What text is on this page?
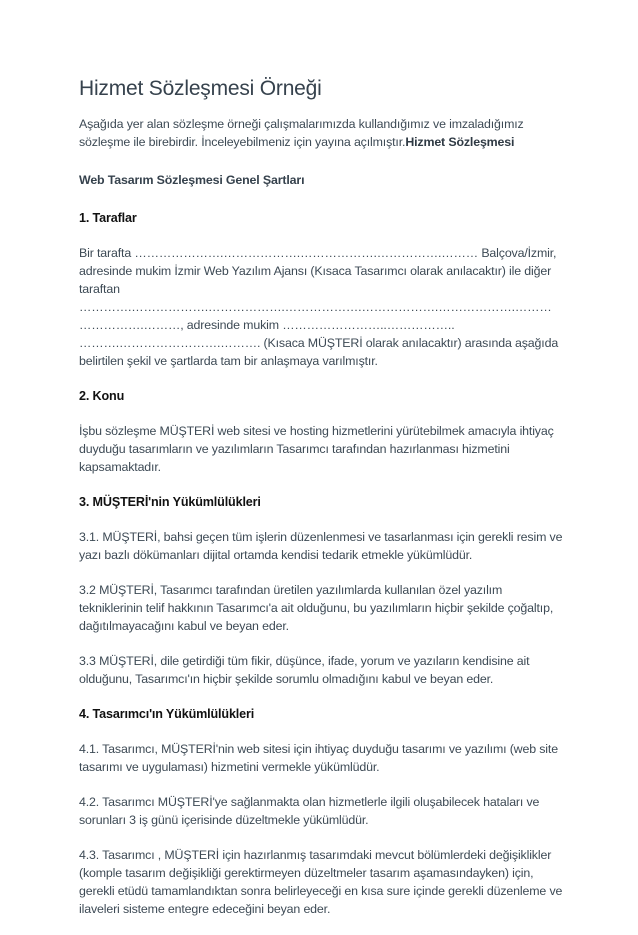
Hizmet Sözleşmesi Örneği

Aşağıda yer alan sözleşme örneği çalışmalarımızda kullandığımız ve imzaladığımız sözleşme ile birebirdir. İnceleyebilmeniz için yayına açılmıştır.Hizmet Sözleşmesi

Web Tasarım Sözleşmesi Genel Şartları
1. Taraflar

Bir tarafta ………………….……………….……………….…………….……… Balçova/İzmir, adresinde mukim İzmir Web Yazılım Ajansı (Kısaca Tasarımcı olarak anılacaktır) ile diğer taraftan ………….……………….……………….……………….……………….……………….……… …………….………, adresinde mukim ……………………..…………….. ……….…………………….………. (Kısaca MÜŞTERİ olarak anılacaktır) arasında aşağıda belirtilen şekil ve şartlarda tam bir anlaşmaya varılmıştır.

2. Konu

İşbu sözleşme MÜŞTERİ web sitesi ve hosting hizmetlerini yürütebilmek amacıyla ihtiyaç duyduğu tasarımların ve yazılımların Tasarımcı tarafından hazırlanması hizmetini kapsamaktadır.

3. MÜŞTERİ'nin Yükümlülükleri

3.1. MÜŞTERİ, bahsi geçen tüm işlerin düzenlenmesi ve tasarlanması için gerekli resim ve yazı bazlı dökümanları dijital ortamda kendisi tedarik etmekle yükümlüdür.

3.2 MÜŞTERİ, Tasarımcı tarafından üretilen yazılımlarda kullanılan özel yazılım tekniklerinin telif hakkının Tasarımcı'a ait olduğunu, bu yazılımların hiçbir şekilde çoğaltıp, dağıtılmayacağını kabul ve beyan eder.

3.3 MÜŞTERİ, dile getirdiği tüm fikir, düşünce, ifade, yorum ve yazıların kendisine ait olduğunu, Tasarımcı'ın hiçbir şekilde sorumlu olmadığını kabul ve beyan eder.

4. Tasarımcı'ın Yükümlülükleri

4.1. Tasarımcı, MÜŞTERİ'nin web sitesi için ihtiyaç duyduğu tasarımı ve yazılımı (web site tasarımı ve uygulaması) hizmetini vermekle yükümlüdür.

4.2. Tasarımcı MÜŞTERİ'ye sağlanmakta olan hizmetlerle ilgili oluşabilecek hataları ve sorunları 3 iş günü içerisinde düzeltmekle yükümlüdür.

4.3. Tasarımcı , MÜŞTERİ için hazırlanmış tasarımdaki mevcut bölümlerdeki değişiklikler (komple tasarım değişikliği gerektirmeyen düzeltmeler tasarım aşamasındayken) için, gerekli etüdü tamamlandıktan sonra belirleyeceği en kısa sure içinde gerekli düzenleme ve ilaveleri sisteme entegre edeceğini beyan eder.
